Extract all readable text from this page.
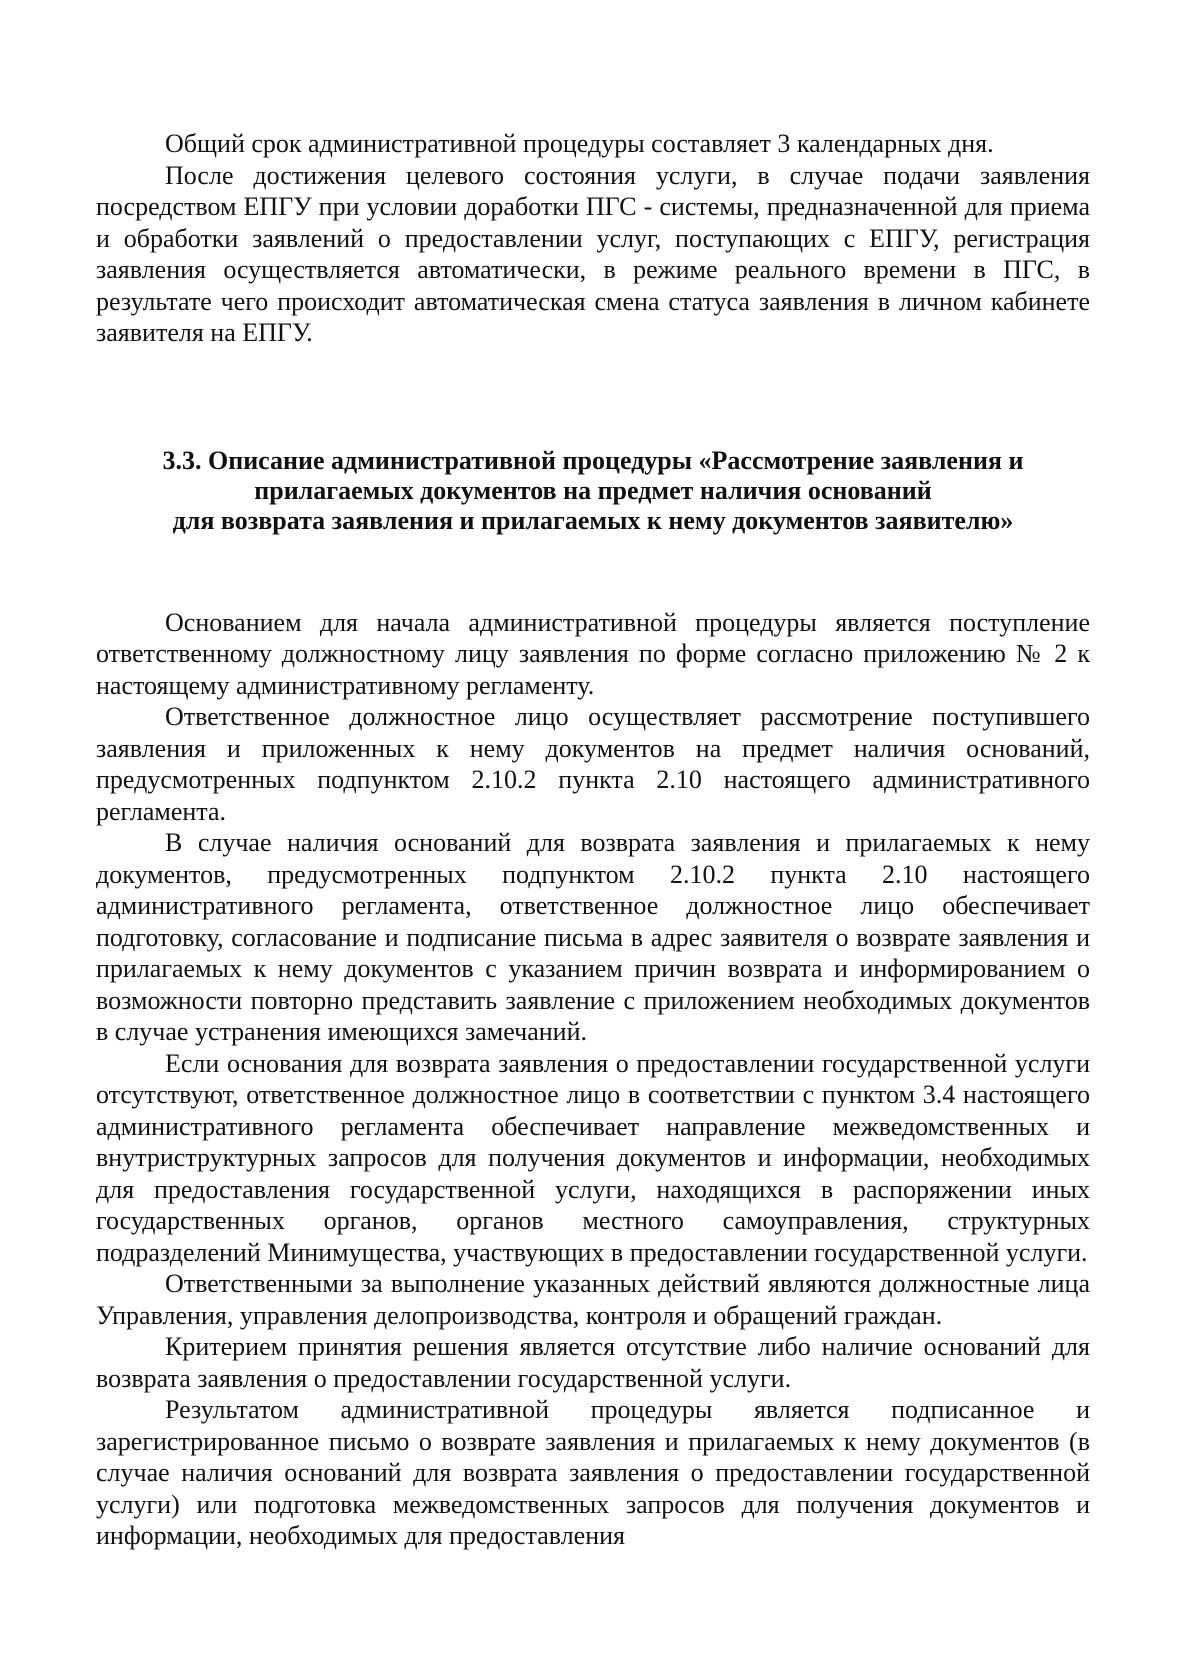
Общий срок административной процедуры составляет 3 календарных дня.

После достижения целевого состояния услуги, в случае подачи заявления посредством ЕПГУ при условии доработки ПГС - системы, предназначенной для приема и обработки заявлений о предоставлении услуг, поступающих с ЕПГУ, регистрация заявления осуществляется автоматически, в режиме реального времени в ПГС, в результате чего происходит автоматическая смена статуса заявления в личном кабинете заявителя на ЕПГУ.

3.3. Описание административной процедуры «Рассмотрение заявления и
прилагаемых документов на предмет наличия оснований
для возврата заявления и прилагаемых к нему документов заявителю»

Основанием для начала административной процедуры является поступление ответственному должностному лицу заявления по форме согласно приложению № 2 к настоящему административному регламенту.

Ответственное должностное лицо осуществляет рассмотрение поступившего заявления и приложенных к нему документов на предмет наличия оснований, предусмотренных подпунктом 2.10.2 пункта 2.10 настоящего административного регламента.

В случае наличия оснований для возврата заявления и прилагаемых к нему документов, предусмотренных подпунктом 2.10.2 пункта 2.10 настоящего административного регламента, ответственное должностное лицо обеспечивает подготовку, согласование и подписание письма в адрес заявителя о возврате заявления и прилагаемых к нему документов с указанием причин возврата и информированием о возможности повторно представить заявление с приложением необходимых документов в случае устранения имеющихся замечаний.

Если основания для возврата заявления о предоставлении государственной услуги отсутствуют, ответственное должностное лицо в соответствии с пунктом 3.4 настоящего административного регламента обеспечивает направление межведомственных и внутриструктурных запросов для получения документов и информации, необходимых для предоставления государственной услуги, находящихся в распоряжении иных государственных органов, органов местного самоуправления, структурных подразделений Минимущества, участвующих в предоставлении государственной услуги.

Ответственными за выполнение указанных действий являются должностные лица Управления, управления делопроизводства, контроля и обращений граждан.

Критерием принятия решения является отсутствие либо наличие оснований для возврата заявления о предоставлении государственной услуги.

Результатом административной процедуры является подписанное и зарегистрированное письмо о возврате заявления и прилагаемых к нему документов (в случае наличия оснований для возврата заявления о предоставлении государственной услуги) или подготовка межведомственных запросов для получения документов и информации, необходимых для предоставления
